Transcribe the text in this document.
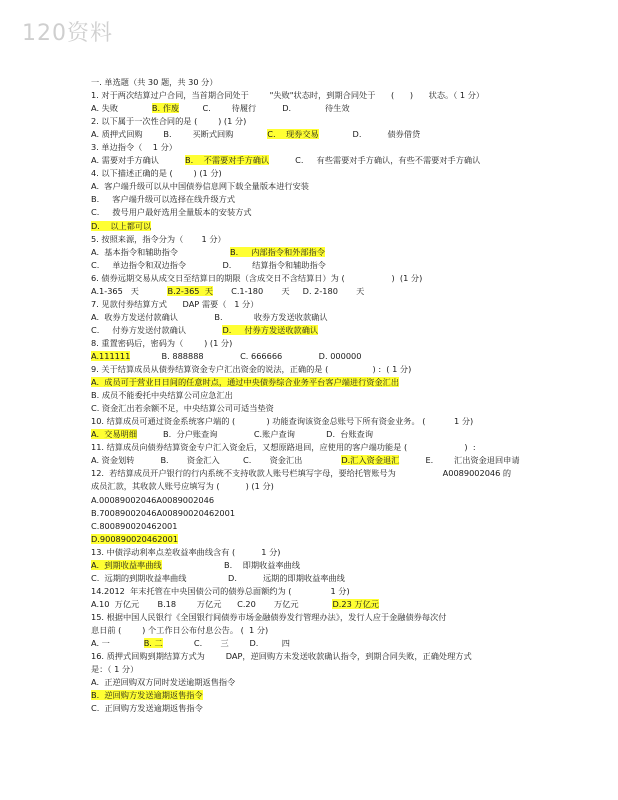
120资料
一. 单选题（共 30 题，共 30 分）
1. 对于两次结算过户合同，当首期合同处于        "失败"状态时，到期合同处于      (      )      状态。（ 1 分）
A. 失败             B. 作废         C.        待履行          D.             待生效
2. 以下属于一次性合同的是 (        ) (1 分)
A. 质押式回购        B.        买断式回购             C.    现券交易             D.          债券借贷
3. 单边指令（    1 分）
A. 需要对手方确认          B.    不需要对手方确认          C.     有些需要对手方确认，有些不需要对手方确认
4. 以下描述正确的是 (        ) (1 分)
A.  客户端升级可以从中国债券信息网下载全量版本进行安装
B.     客户端升级可以选择在线升级方式
C.     拨号用户最好选用全量版本的安装方式
D.    以上都可以
5. 按照来源，指令分为（       1 分）
A.  基本指令和辅助指令                    B.     内部指令和外部指令
C.     单边指令和双边指令              D.        结算指令和辅助指令
6. 债券远期交易从成交日至结算日的期限（含成交日不含结算日）为 (                  )  (1 分)
A.1-365   天           B.2-365  天       C.1-180       天     D. 2-180       天
7. 见款付券结算方式      DAP 需要（   1 分）
A.  收券方发送付款确认              B.            收券方发送收款确认
C.     付券方发送付款确认              D.     付券方发送收款确认
8. 重置密码后，密码为（        ) (1 分)
A.111111            B. 888888              C. 666666              D. 000000
9. 关于结算成员从债券结算资金专户汇出资金的说法，正确的是 (                 ) :  ( 1 分)
A.  成员可于营业日日间的任意时点，通过中央债券综合业务平台客户端进行资金汇出
B. 成员不能委托中央结算公司应急汇出
C. 资金汇出若余额不足，中央结算公司可适当垫资
10. 结算成员可通过资金系统客户端的 (            ) 功能查询该资金总账号下所有资金业务。 (           1 分)
A.  交易明细          B.  分户账查询              C.账户查询            D.  台账查询
11. 结算成员向债券结算资金专户汇入资金后，又想原路退回，应使用的客户端功能是 (                      )  :
A. 资金划转          B.       资金汇入         C.       资金汇出               D.汇入资金退汇          E.        汇出资金退回申请
12.  若结算成员开户银行的行内系统不支持收款人账号栏填写字母，要给托管账号为                  A0089002046 的
成员汇款，其收款人账号应填写为 (          ) (1 分)
A.00089002046A0089002046
B.70089002046A00890020462001
C.800890020462001
D.900890020462001
13. 中债浮动利率点差收益率曲线含有 (          1 分)
A.  到期收益率曲线                        B.    即期收益率曲线
C.  远期的到期收益率曲线                D.          远期的即期收益率曲线
14.2012  年末托管在中央国债公司的债券总面额约为 (               1 分)
A.10  万亿元       B.18        万亿元      C.20       万亿元             D.23 万亿元
15. 根据中国人民银行《全国银行间债券市场金融债券发行管理办法》，发行人应于金融债券每次付
息日前 (        ) 个工作日公布付息公告。 (  1 分)
A. 一             B. 二            C.       三        D.         四
16. 质押式回购到期结算方式为        DAP，逆回购方未发送收款确认指令，到期合同失败，正确处理方式
是：（ 1 分）
A.  正逆回购双方同时发送逾期返售指令
B.  逆回购方发送逾期返售指令
C.  正回购方发送逾期返售指令
